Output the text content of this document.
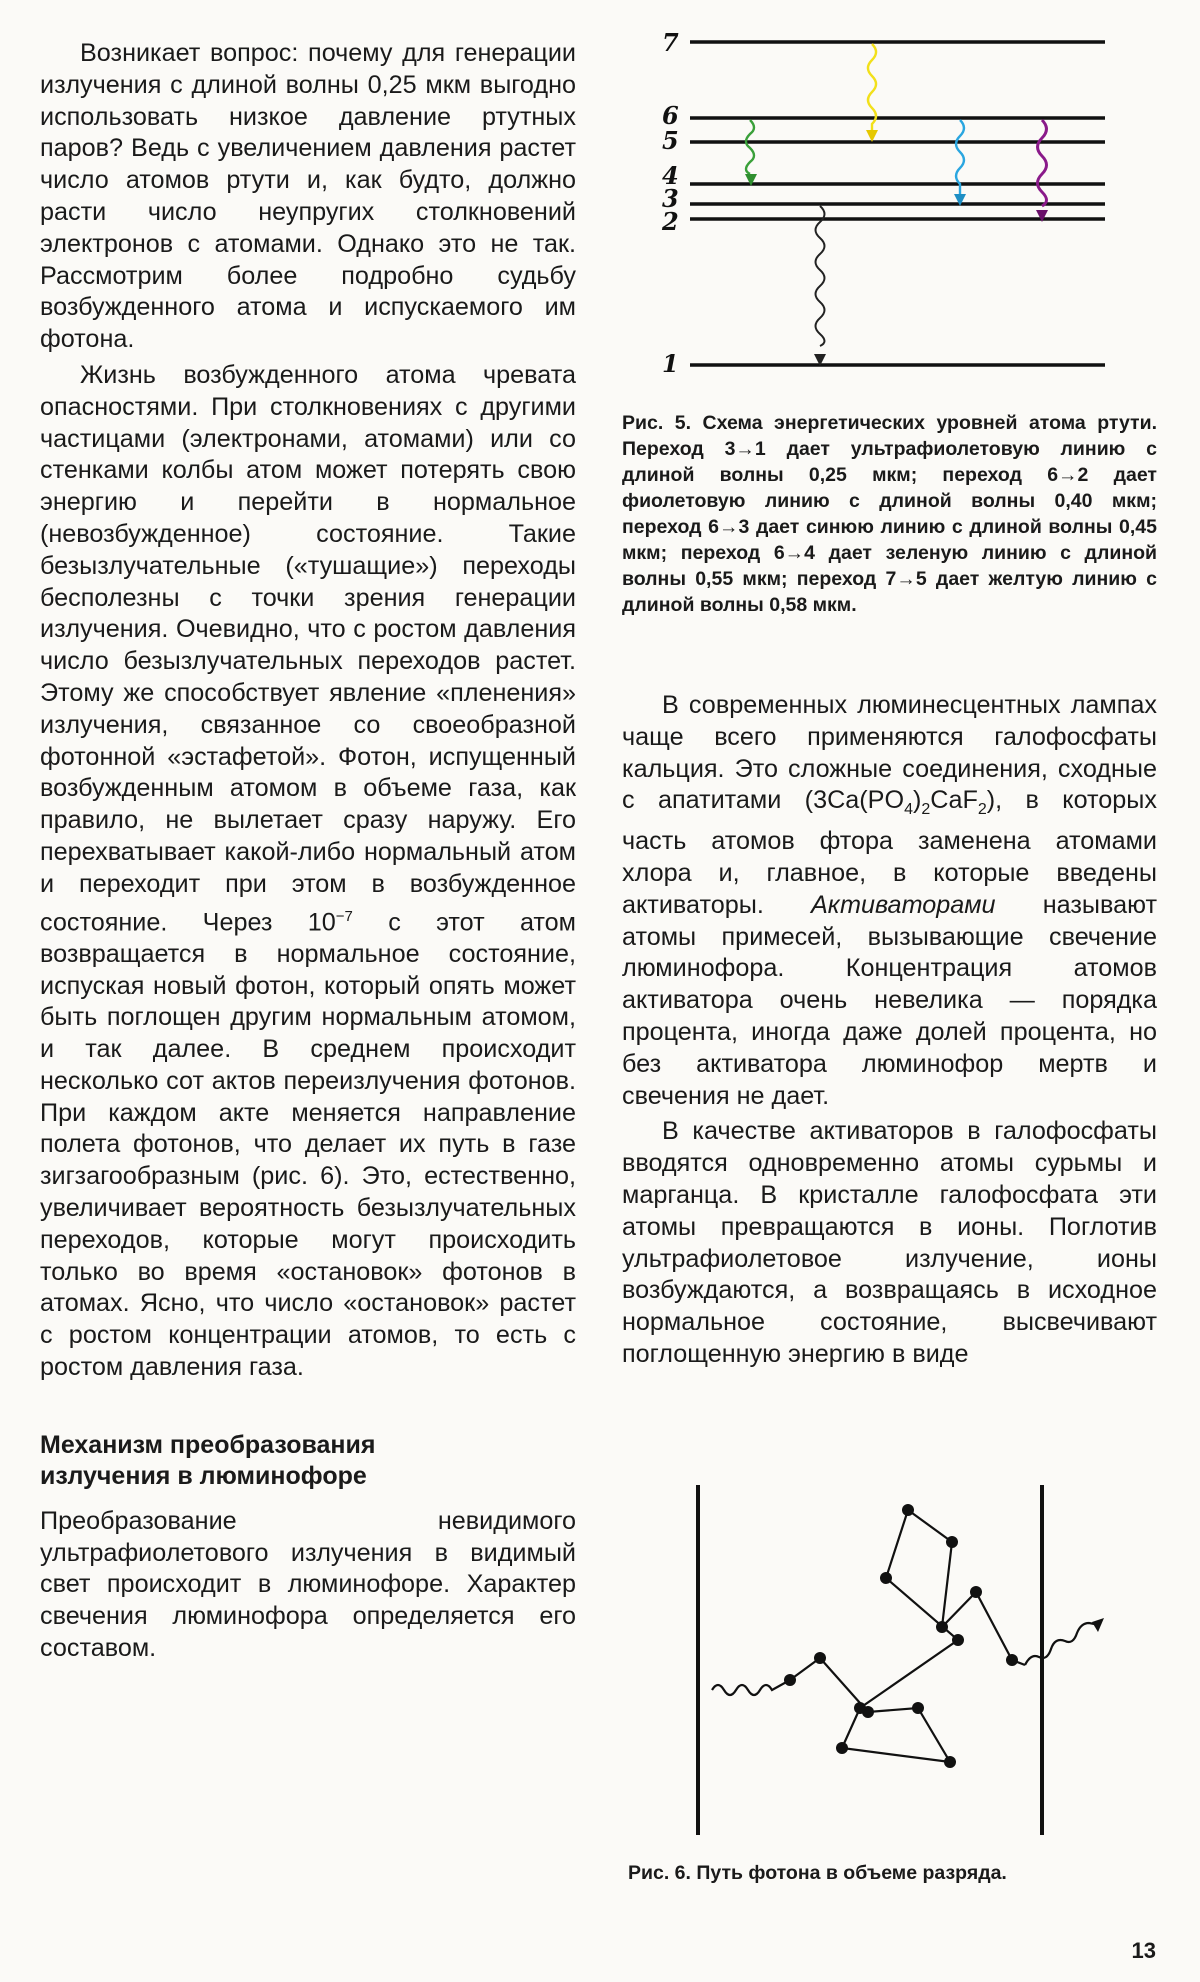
Возникает вопрос: почему для генерации излучения с длиной волны 0,25 мкм выгодно использовать низкое давление ртутных паров? Ведь с увеличением давления растет число атомов ртути и, как будто, должно расти число неупругих столкновений электронов с атомами. Однако это не так. Рассмотрим более подробно судьбу возбужденного атома и испускаемого им фотона.

Жизнь возбужденного атома чревата опасностями. При столкновениях с другими частицами (электронами, атомами) или со стенками колбы атом может потерять свою энергию и перейти в нормальное (невозбужденное) состояние. Такие безызлучательные («тушащие») переходы бесполезны с точки зрения генерации излучения. Очевидно, что с ростом давления число безызлучательных переходов растет. Этому же способствует явление «пленения» излучения, связанное со своеобразной фотонной «эстафетой». Фотон, испущенный возбужденным атомом в объеме газа, как правило, не вылетает сразу наружу. Его перехватывает какой-либо нормальный атом и переходит при этом в возбужденное состояние. Через $10^{-7}$ с этот атом возвращается в нормальное состояние, испуская новый фотон, который опять может быть поглощен другим нормальным атомом, и так далее. В среднем происходит несколько сот актов переизлучения фотонов. При каждом акте меняется направление полета фотонов, что делает их путь в газе зигзагообразным (рис. 6). Это, естественно, увеличивает вероятность безызлучательных переходов, которые могут происходить только во время «остановок» фотонов в атомах. Ясно, что число «остановок» растет с ростом концентрации атомов, то есть с ростом давления газа.

Механизм преобразования
излучения в люминофоре

Преобразование невидимого ультрафиолетового излучения в видимый свет происходит в люминофоре. Характер свечения люминофора определяется его составом.

7
6
5
4
3
2
1
Рис. 5. Схема энергетических уровней атома ртути. Переход 3→1 дает ультрафиолетовую линию с длиной волны 0,25 мкм; переход 6→2 дает фиолетовую линию с длиной волны 0,40 мкм; переход 6→3 дает синюю линию с длиной волны 0,45 мкм; переход 6→4 дает зеленую линию с длиной волны 0,55 мкм; переход 7→5 дает желтую линию с длиной волны 0,58 мкм.

В современных люминесцентных лампах чаще всего применяются галофосфаты кальция. Это сложные соединения, сходные с апатитами $(3Ca(PO_4)_2CaF_2)$, в которых часть атомов фтора заменена атомами хлора и, главное, в которые введены активаторы. Активаторами называют атомы примесей, вызывающие свечение люминофора. Концентрация атомов активатора очень невелика — порядка процента, иногда даже долей процента, но без активатора люминофор мертв и свечения не дает.

В качестве активаторов в галофосфаты вводятся одновременно атомы сурьмы и марганца. В кристалле галофосфата эти атомы превращаются в ионы. Поглотив ультрафиолетовое излучение, ионы возбуждаются, а возвращаясь в исходное нормальное состояние, высвечивают поглощенную энергию в виде

Рис. 6. Путь фотона в объеме разряда.
13
